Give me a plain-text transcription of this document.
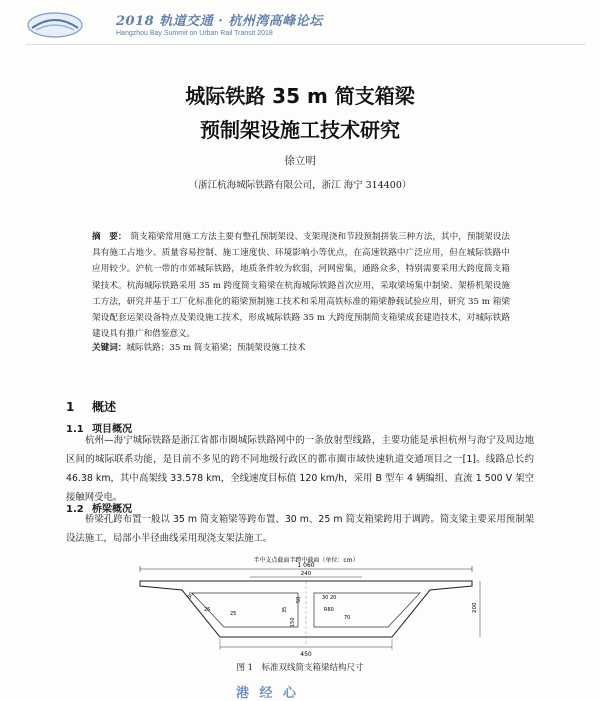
2018 轨道交通 · 杭州湾高峰论坛
Hangzhou Bay Summit on Urban Rail Transit 2018
城际铁路 35 m 简支箱梁
预制架设施工技术研究
徐立明
（浙江杭海城际铁路有限公司，浙江 海宁 314400）
摘　要： 简支箱梁常用施工方法主要有整孔预制架设、支架现浇和节段预制拼装三种方法，其中，预制架设法具有施工占地少、质量容易控制、施工速度快、环境影响小等优点，在高速铁路中广泛应用，但在城际铁路中应用较少。沪杭一带的市郊城际铁路，地质条件较为软弱，河网密集，通路众多，特别需要采用大跨度简支箱梁技术。杭海城际铁路采用 35 m 跨度简支箱梁在杭海城际铁路首次应用，采取梁场集中制梁、架桥机架设施工方法，研究并基于工厂化标准化的箱梁预制施工技术和采用高铁标准的箱梁静载试验应用，研究 35 m 箱梁架设配套运架设备特点及架设施工技术，形成城际铁路 35 m 大跨度预制简支箱梁成套建造技术，对城际铁路建设具有推广和借鉴意义。
关键词：城际铁路；35 m 简支箱梁；预制架设施工技术
1 概述
1.1 项目概况
杭州—海宁城际铁路是浙江省都市圈城际铁路网中的一条放射型线路，主要功能是承担杭州与海宁及周边地区间的城际联系功能，是目前不多见的跨不同地级行政区的都市圈市域快速轨道交通项目之一[1]。线路总长约 46.38 km，其中高架线 33.578 km，全线速度目标值 120 km/h，采用 B 型车 4 辆编组、直流 1 500 V 架空接触网受电。
1.2 桥梁概况
桥梁孔跨布置一般以 35 m 简支箱梁等跨布置、30 m、25 m 简支箱梁跨用于调跨。简支梁主要采用预制架设法施工，局部小半径曲线采用现浇支架法施工。
半中支点截面半跨中截面（单位：cm）
1 060
240
30
25
25
35
50
150
30 20
R60
70
200
450
图 1　标准双线简支箱梁结构尺寸
港 经 心
